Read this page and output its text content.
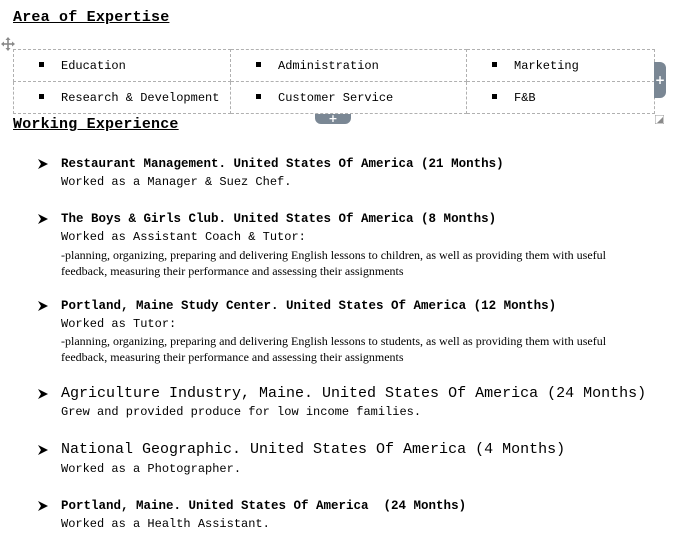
Area of Expertise
Education	Administration	Marketing
Research & Development	Customer Service	F&B
+
+
Working Experience
Restaurant Management. United States Of America (21 Months)
Worked as a Manager & Suez Chef.
The Boys & Girls Club. United States Of America (8 Months)
Worked as Assistant Coach & Tutor:
-planning, organizing, preparing and delivering English lessons to children, as well as providing them with useful feedback, measuring their performance and assessing their assignments
Portland, Maine Study Center. United States Of America (12 Months)
Worked as Tutor:
-planning, organizing, preparing and delivering English lessons to students, as well as providing them with useful feedback, measuring their performance and assessing their assignments
Agriculture Industry, Maine. United States Of America (24 Months)
Grew and provided produce for low income families.
National Geographic. United States Of America (4 Months)
Worked as a Photographer.
Portland, Maine. United States Of America  (24 Months)
Worked as a Health Assistant.
